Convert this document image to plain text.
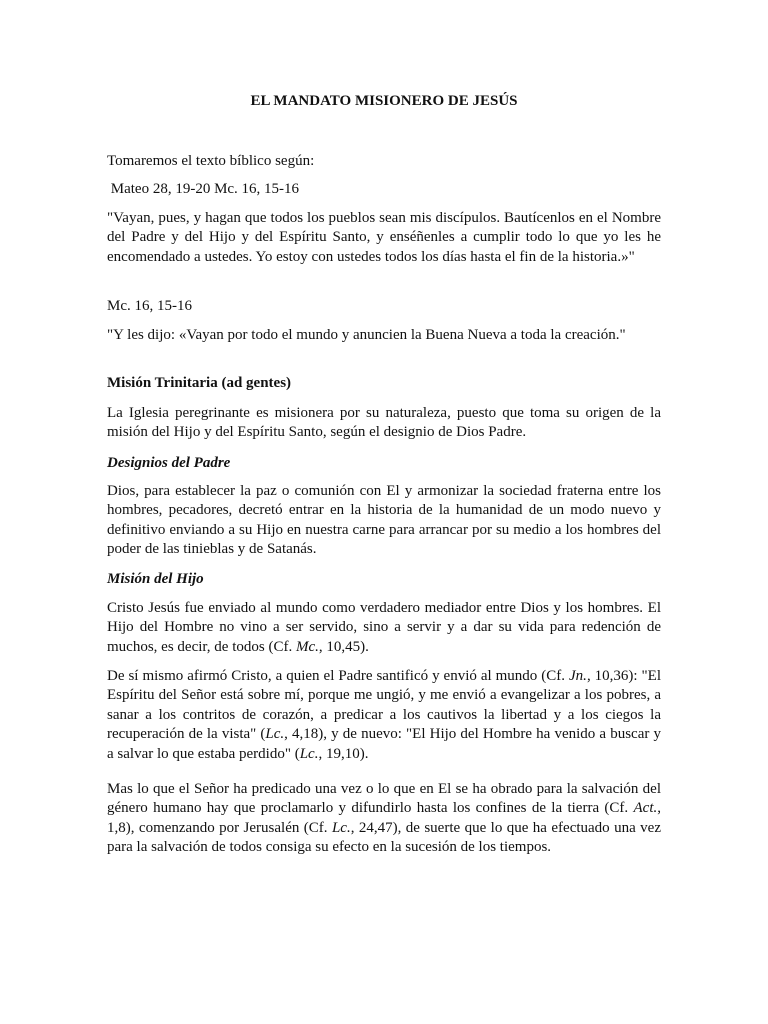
EL MANDATO MISIONERO DE JESÚS

Tomaremos el texto bíblico según:

Mateo 28, 19-20 Mc. 16, 15-16

"Vayan, pues, y hagan que todos los pueblos sean mis discípulos. Bautícenlos en el Nombre del Padre y del Hijo y del Espíritu Santo, y enséñenles a cumplir todo lo que yo les he encomendado a ustedes. Yo estoy con ustedes todos los días hasta el fin de la historia.»"

Mc. 16, 15-16

"Y les dijo: «Vayan por todo el mundo y anuncien la Buena Nueva a toda la creación."

Misión Trinitaria (ad gentes)

La Iglesia peregrinante es misionera por su naturaleza, puesto que toma su origen de la misión del Hijo y del Espíritu Santo, según el designio de Dios Padre.

Designios del Padre

Dios, para establecer la paz o comunión con El y armonizar la sociedad fraterna entre los hombres, pecadores, decretó entrar en la historia de la humanidad de un modo nuevo y definitivo enviando a su Hijo en nuestra carne para arrancar por su medio a los hombres del poder de las tinieblas y de Satanás.

Misión del Hijo

Cristo Jesús fue enviado al mundo como verdadero mediador entre Dios y los hombres. El Hijo del Hombre no vino a ser servido, sino a servir y a dar su vida para redención de muchos, es decir, de todos (Cf. Mc., 10,45).

De sí mismo afirmó Cristo, a quien el Padre santificó y envió al mundo (Cf. Jn., 10,36): "El Espíritu del Señor está sobre mí, porque me ungió, y me envió a evangelizar a los pobres, a sanar a los contritos de corazón, a predicar a los cautivos la libertad y a los ciegos la recuperación de la vista" (Lc., 4,18), y de nuevo: "El Hijo del Hombre ha venido a buscar y a salvar lo que estaba perdido" (Lc., 19,10).

Mas lo que el Señor ha predicado una vez o lo que en El se ha obrado para la salvación del género humano hay que proclamarlo y difundirlo hasta los confines de la tierra (Cf. Act., 1,8), comenzando por Jerusalén (Cf. Lc., 24,47), de suerte que lo que ha efectuado una vez para la salvación de todos consiga su efecto en la sucesión de los tiempos.
